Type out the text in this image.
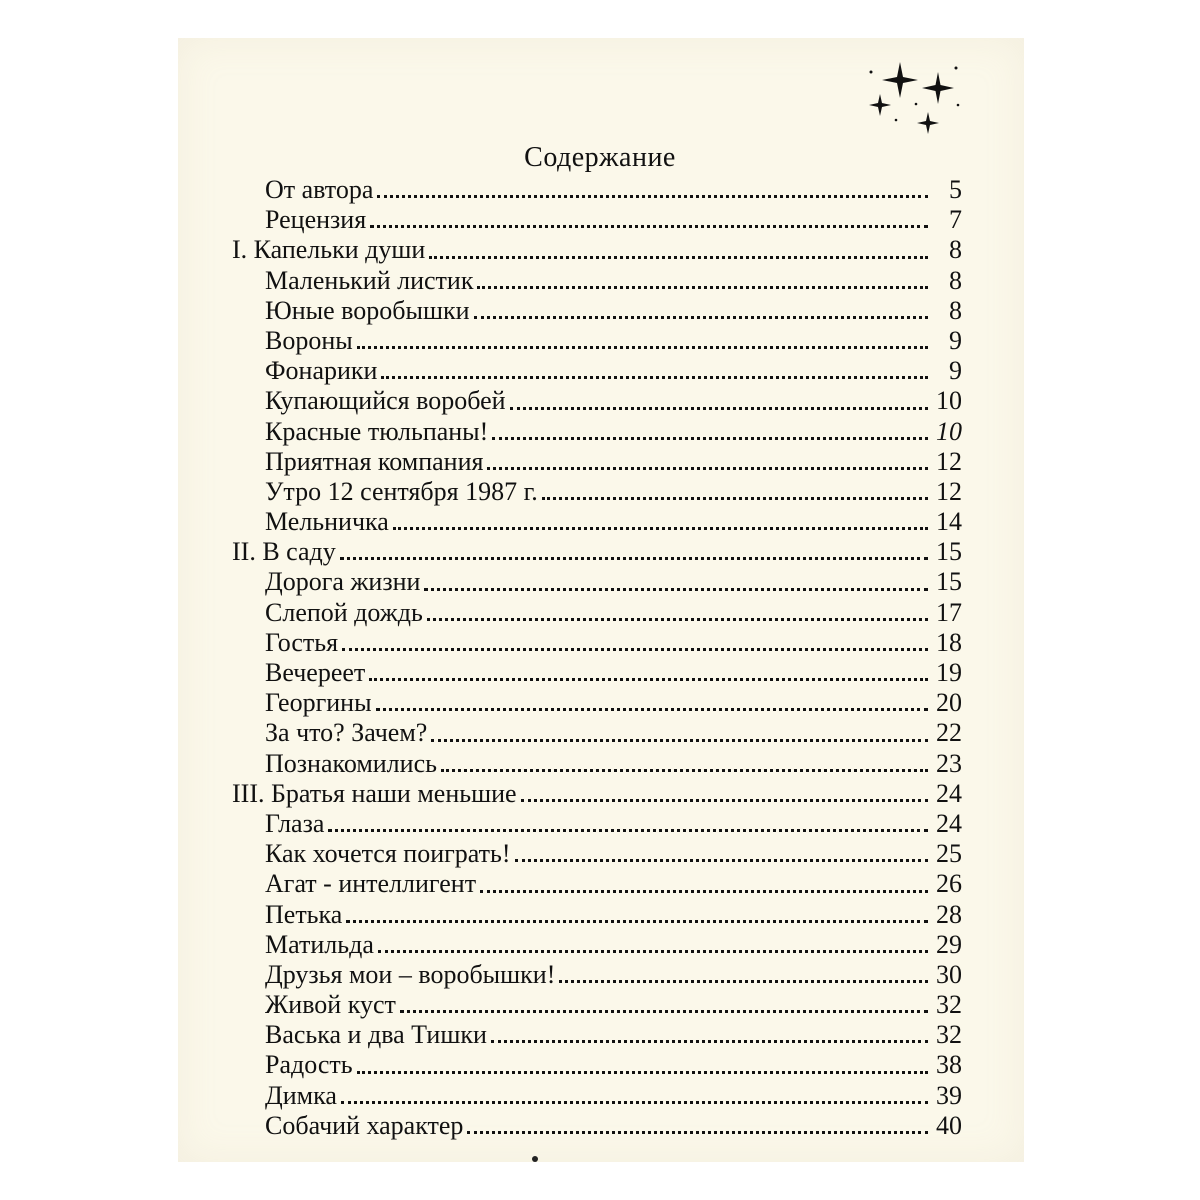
Содержание
От автора	5
Рецензия	7
I. Капельки души	8
Маленький листик	8
Юные воробышки	8
Вороны	9
Фонарики	9
Купающийся воробей	10
Красные тюльпаны!	10
Приятная компания	12
Утро 12 сентября 1987 г.	12
Мельничка	14
II. В саду	15
Дорога жизни	15
Слепой дождь	17
Гостья	18
Вечереет	19
Георгины	20
За что? Зачем?	22
Познакомились	23
III. Братья наши меньшие	24
Глаза	24
Как хочется поиграть!	25
Агат - интеллигент	26
Петька	28
Матильда	29
Друзья мои – воробышки!	30
Живой куст	32
Васька и два Тишки	32
Радость	38
Димка	39
Собачий характер	40
